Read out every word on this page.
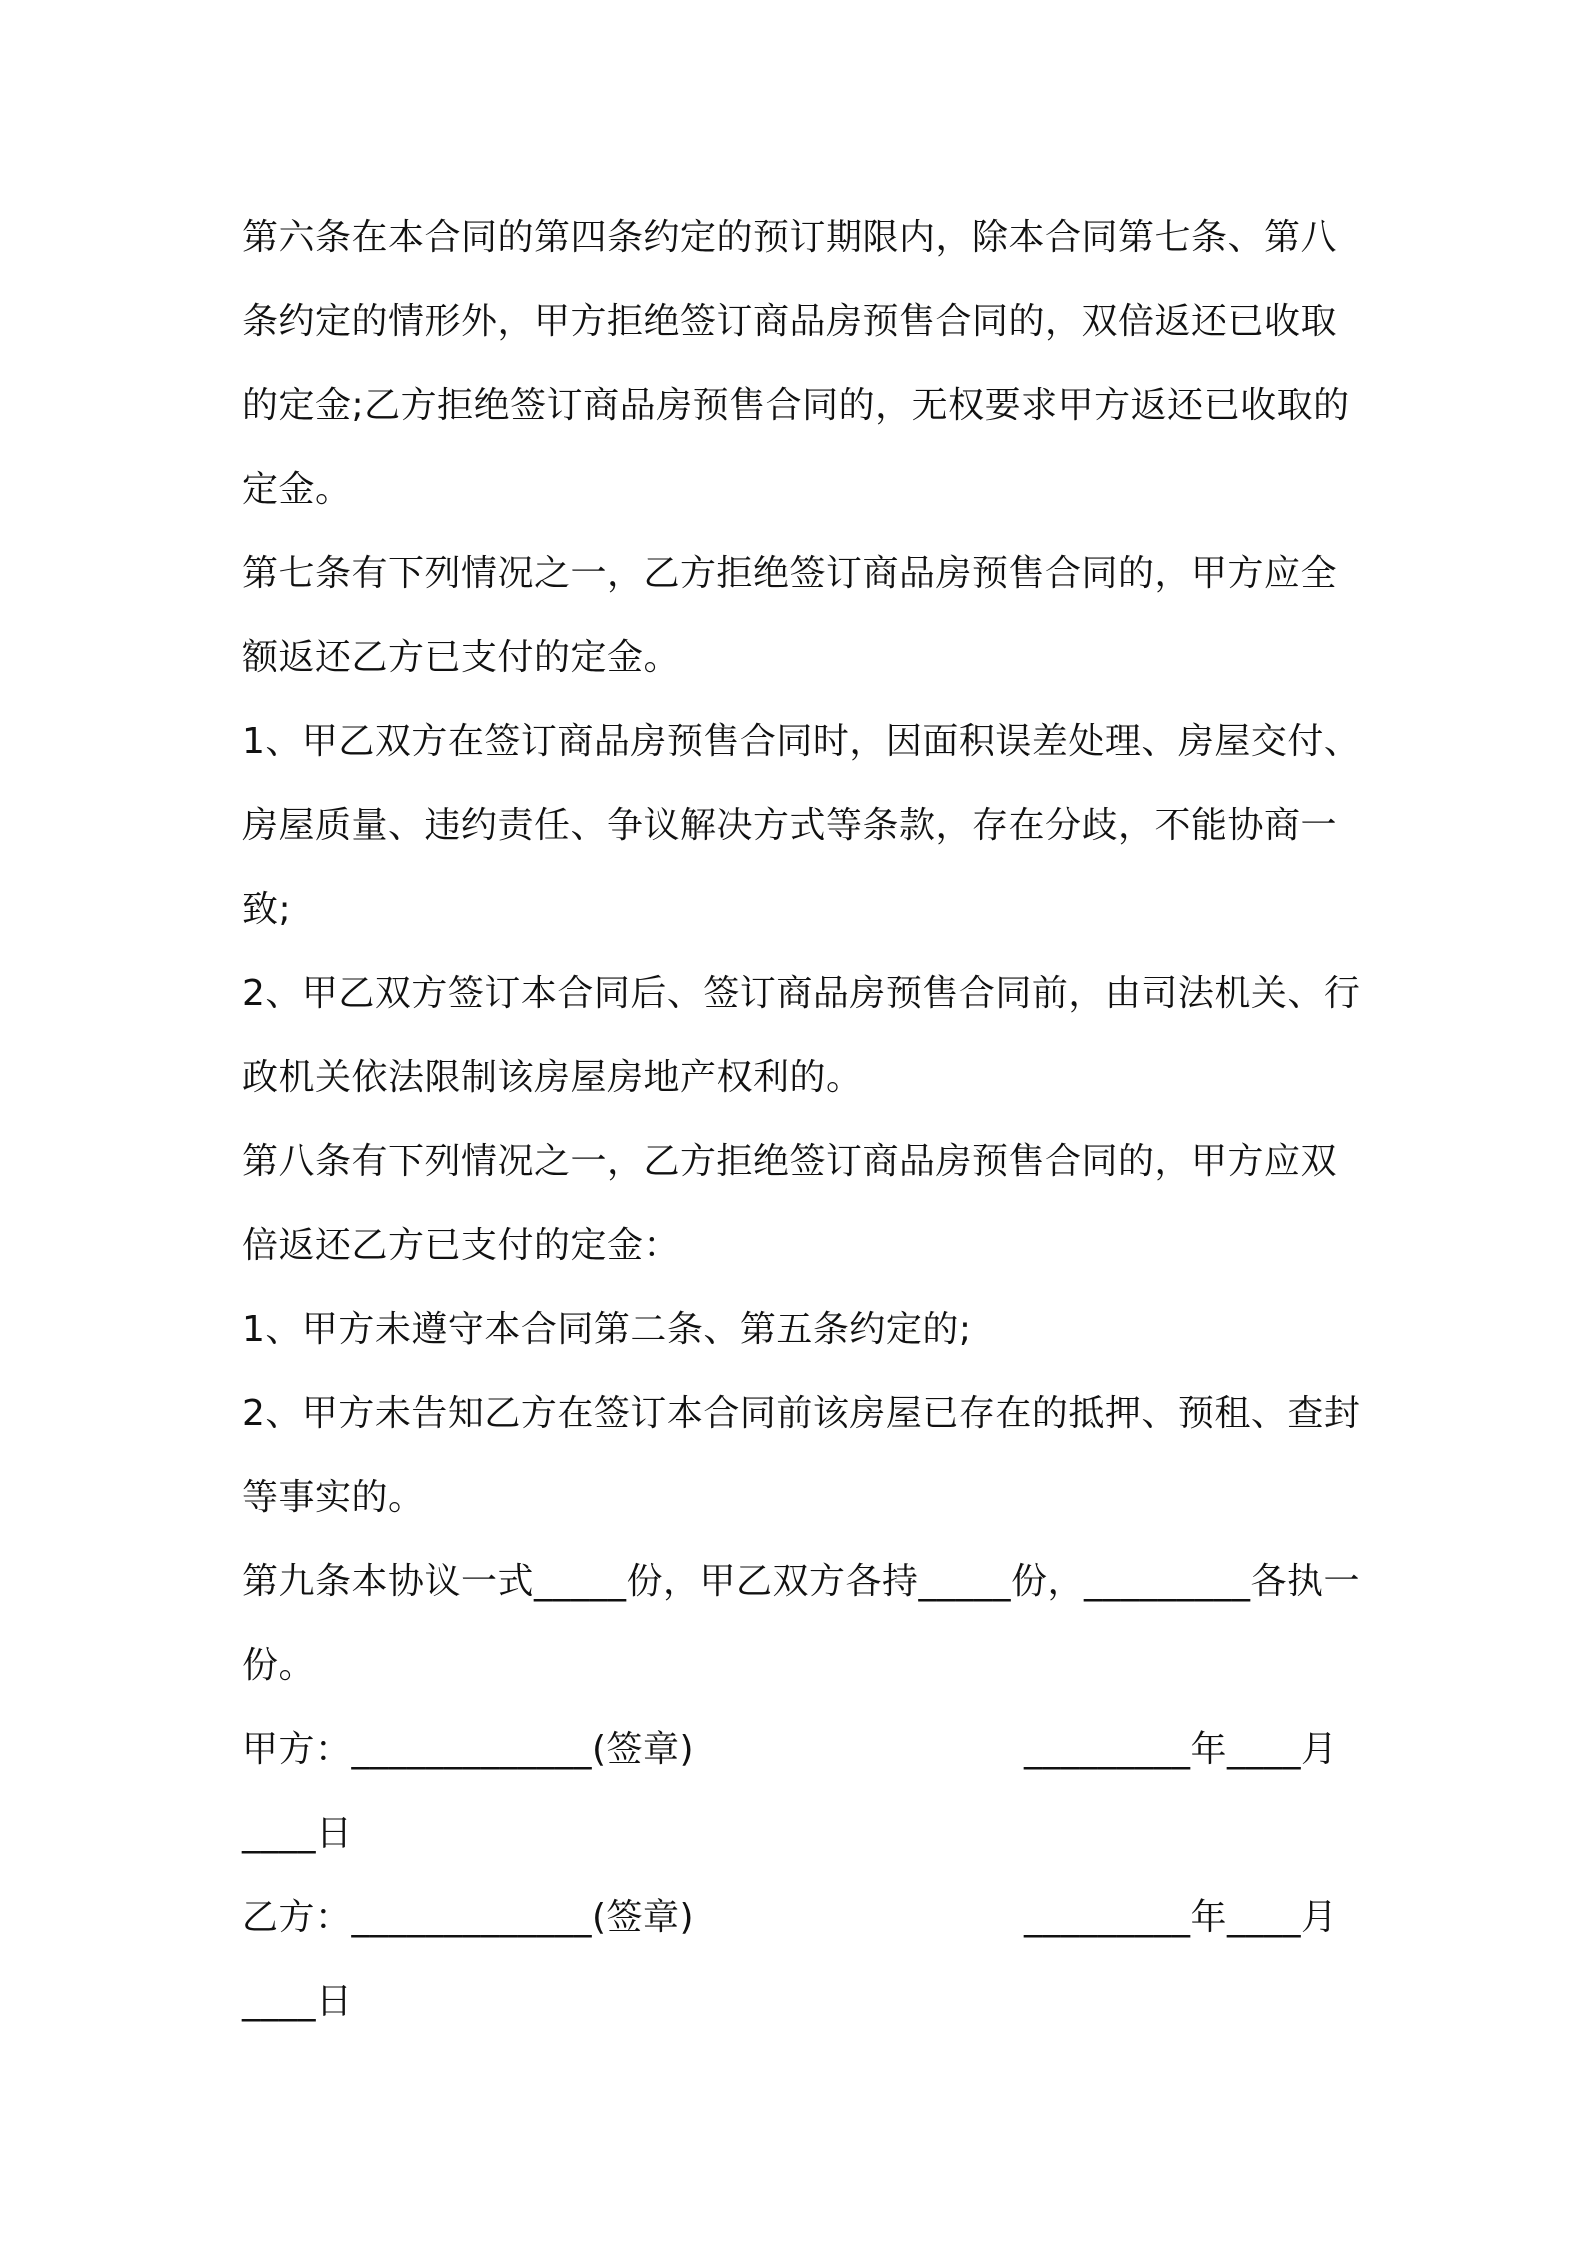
第六条在本合同的第四条约定的预订期限内，除本合同第七条、第八条约定的情形外，甲方拒绝签订商品房预售合同的，双倍返还已收取的定金;乙方拒绝签订商品房预售合同的，无权要求甲方返还已收取的定金。

第七条有下列情况之一，乙方拒绝签订商品房预售合同的，甲方应全额返还乙方已支付的定金。

1、甲乙双方在签订商品房预售合同时，因面积误差处理、房屋交付、房屋质量、违约责任、争议解决方式等条款，存在分歧，不能协商一致;

2、甲乙双方签订本合同后、签订商品房预售合同前，由司法机关、行政机关依法限制该房屋房地产权利的。

第八条有下列情况之一，乙方拒绝签订商品房预售合同的，甲方应双倍返还乙方已支付的定金：

1、甲方未遵守本合同第二条、第五条约定的;

2、甲方未告知乙方在签订本合同前该房屋已存在的抵押、预租、查封等事实的。

第九条本协议一式_____份，甲乙双方各持_____份，_________各执一份。

甲方：_____________(签章)	_________年____月
____日
乙方：_____________(签章)	_________年____月
____日
